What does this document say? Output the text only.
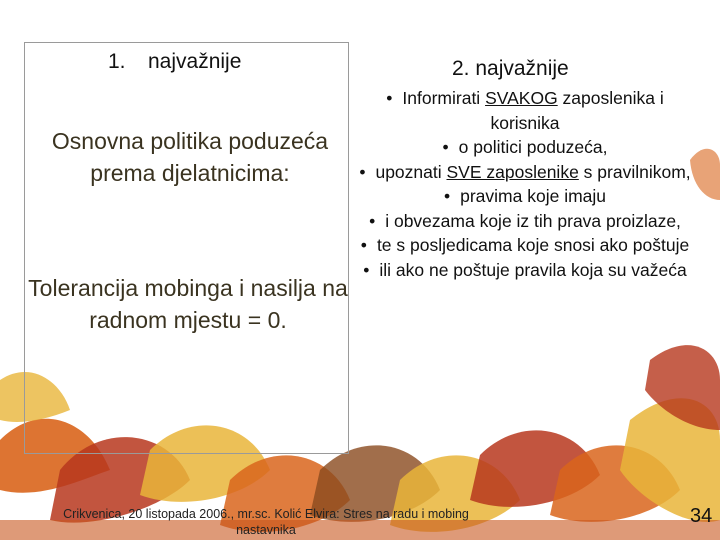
1. najvažnije
Osnovna politika poduzeća prema djelatnicima:
Tolerancija mobinga i nasilja na radnom mjestu = 0.
2. najvažnije
• Informirati SVAKOG zaposlenika i korisnika
• o politici poduzeća,
• upoznati SVE zaposlenike s pravilnikom,
• pravima koje imaju
• i obvezama koje iz tih prava proizlaze,
• te s posljedicama koje snosi ako poštuje
• ili ako ne poštuje pravila koja su važeća
Crikvenica, 20 listopada 2006., mr.sc. Kolić Elvira: Stres na radu i mobing nastavnika
34
